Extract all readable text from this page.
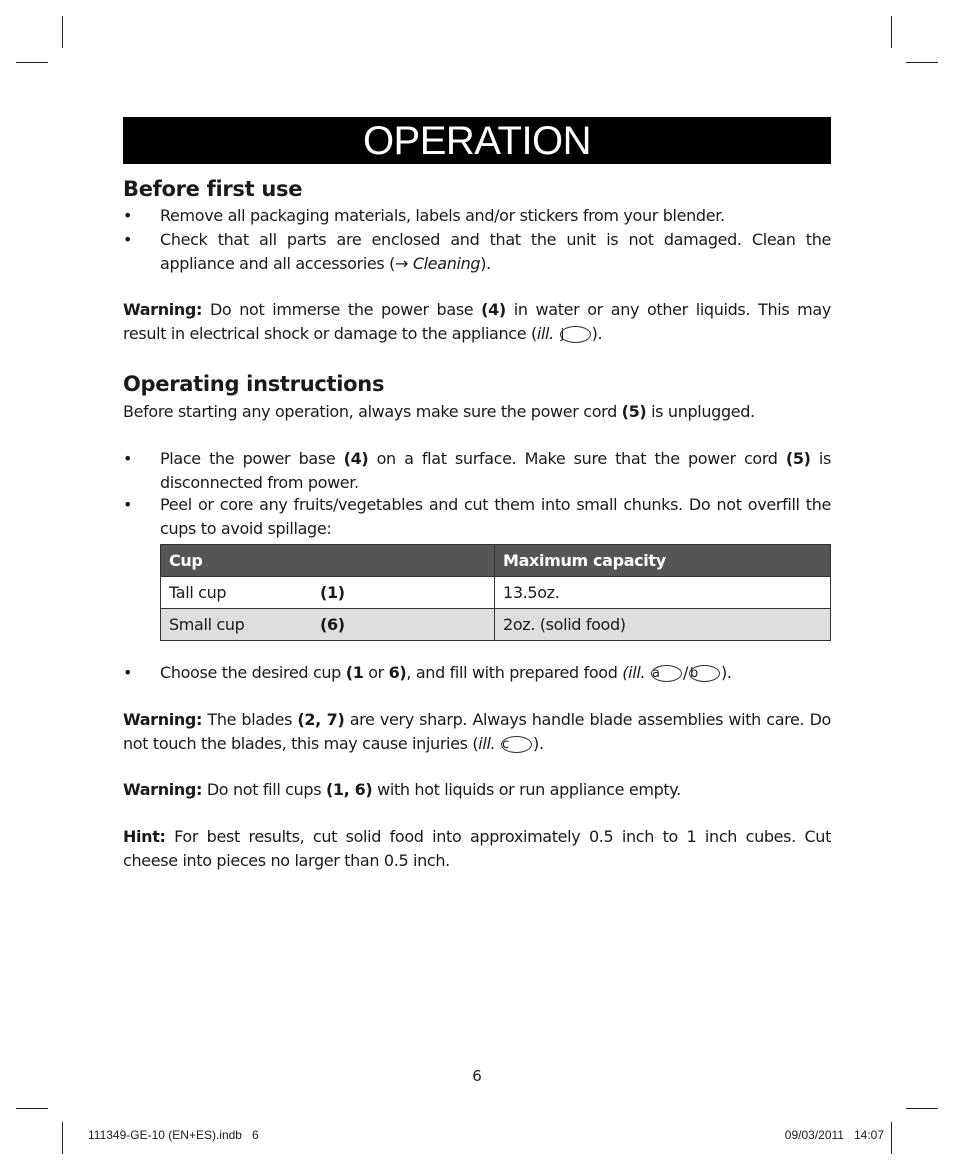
OPERATION
Before first use
• Remove all packaging materials, labels and/or stickers from your blender.
• Check that all parts are enclosed and that the unit is not damaged. Clean the appliance and all accessories (→ Cleaning).

Warning: Do not immerse the power base (4) in water or any other liquids. This may result in electrical shock or damage to the appliance (ill. j ).

Operating instructions

Before starting any operation, always make sure the power cord (5) is unplugged.

• Place the power base (4) on a flat surface. Make sure that the power cord (5) is disconnected from power.
• Peel or core any fruits/vegetables and cut them into small chunks. Do not overfill the cups to avoid spillage:
Cup	Maximum capacity
Tall cup (1)	13.5oz.
Small cup (6)	2oz. (solid food)
• Choose the desired cup (1 or 6), and fill with prepared food (ill. a / b ).

Warning: The blades (2, 7) are very sharp. Always handle blade assemblies with care. Do not touch the blades, this may cause injuries (ill. c ).

Warning: Do not fill cups (1, 6) with hot liquids or run appliance empty.

Hint: For best results, cut solid food into approximately 0.5 inch to 1 inch cubes. Cut cheese into pieces no larger than 0.5 inch.

6
111349-GE-10 (EN+ES).indb   6	09/03/2011   14:07
